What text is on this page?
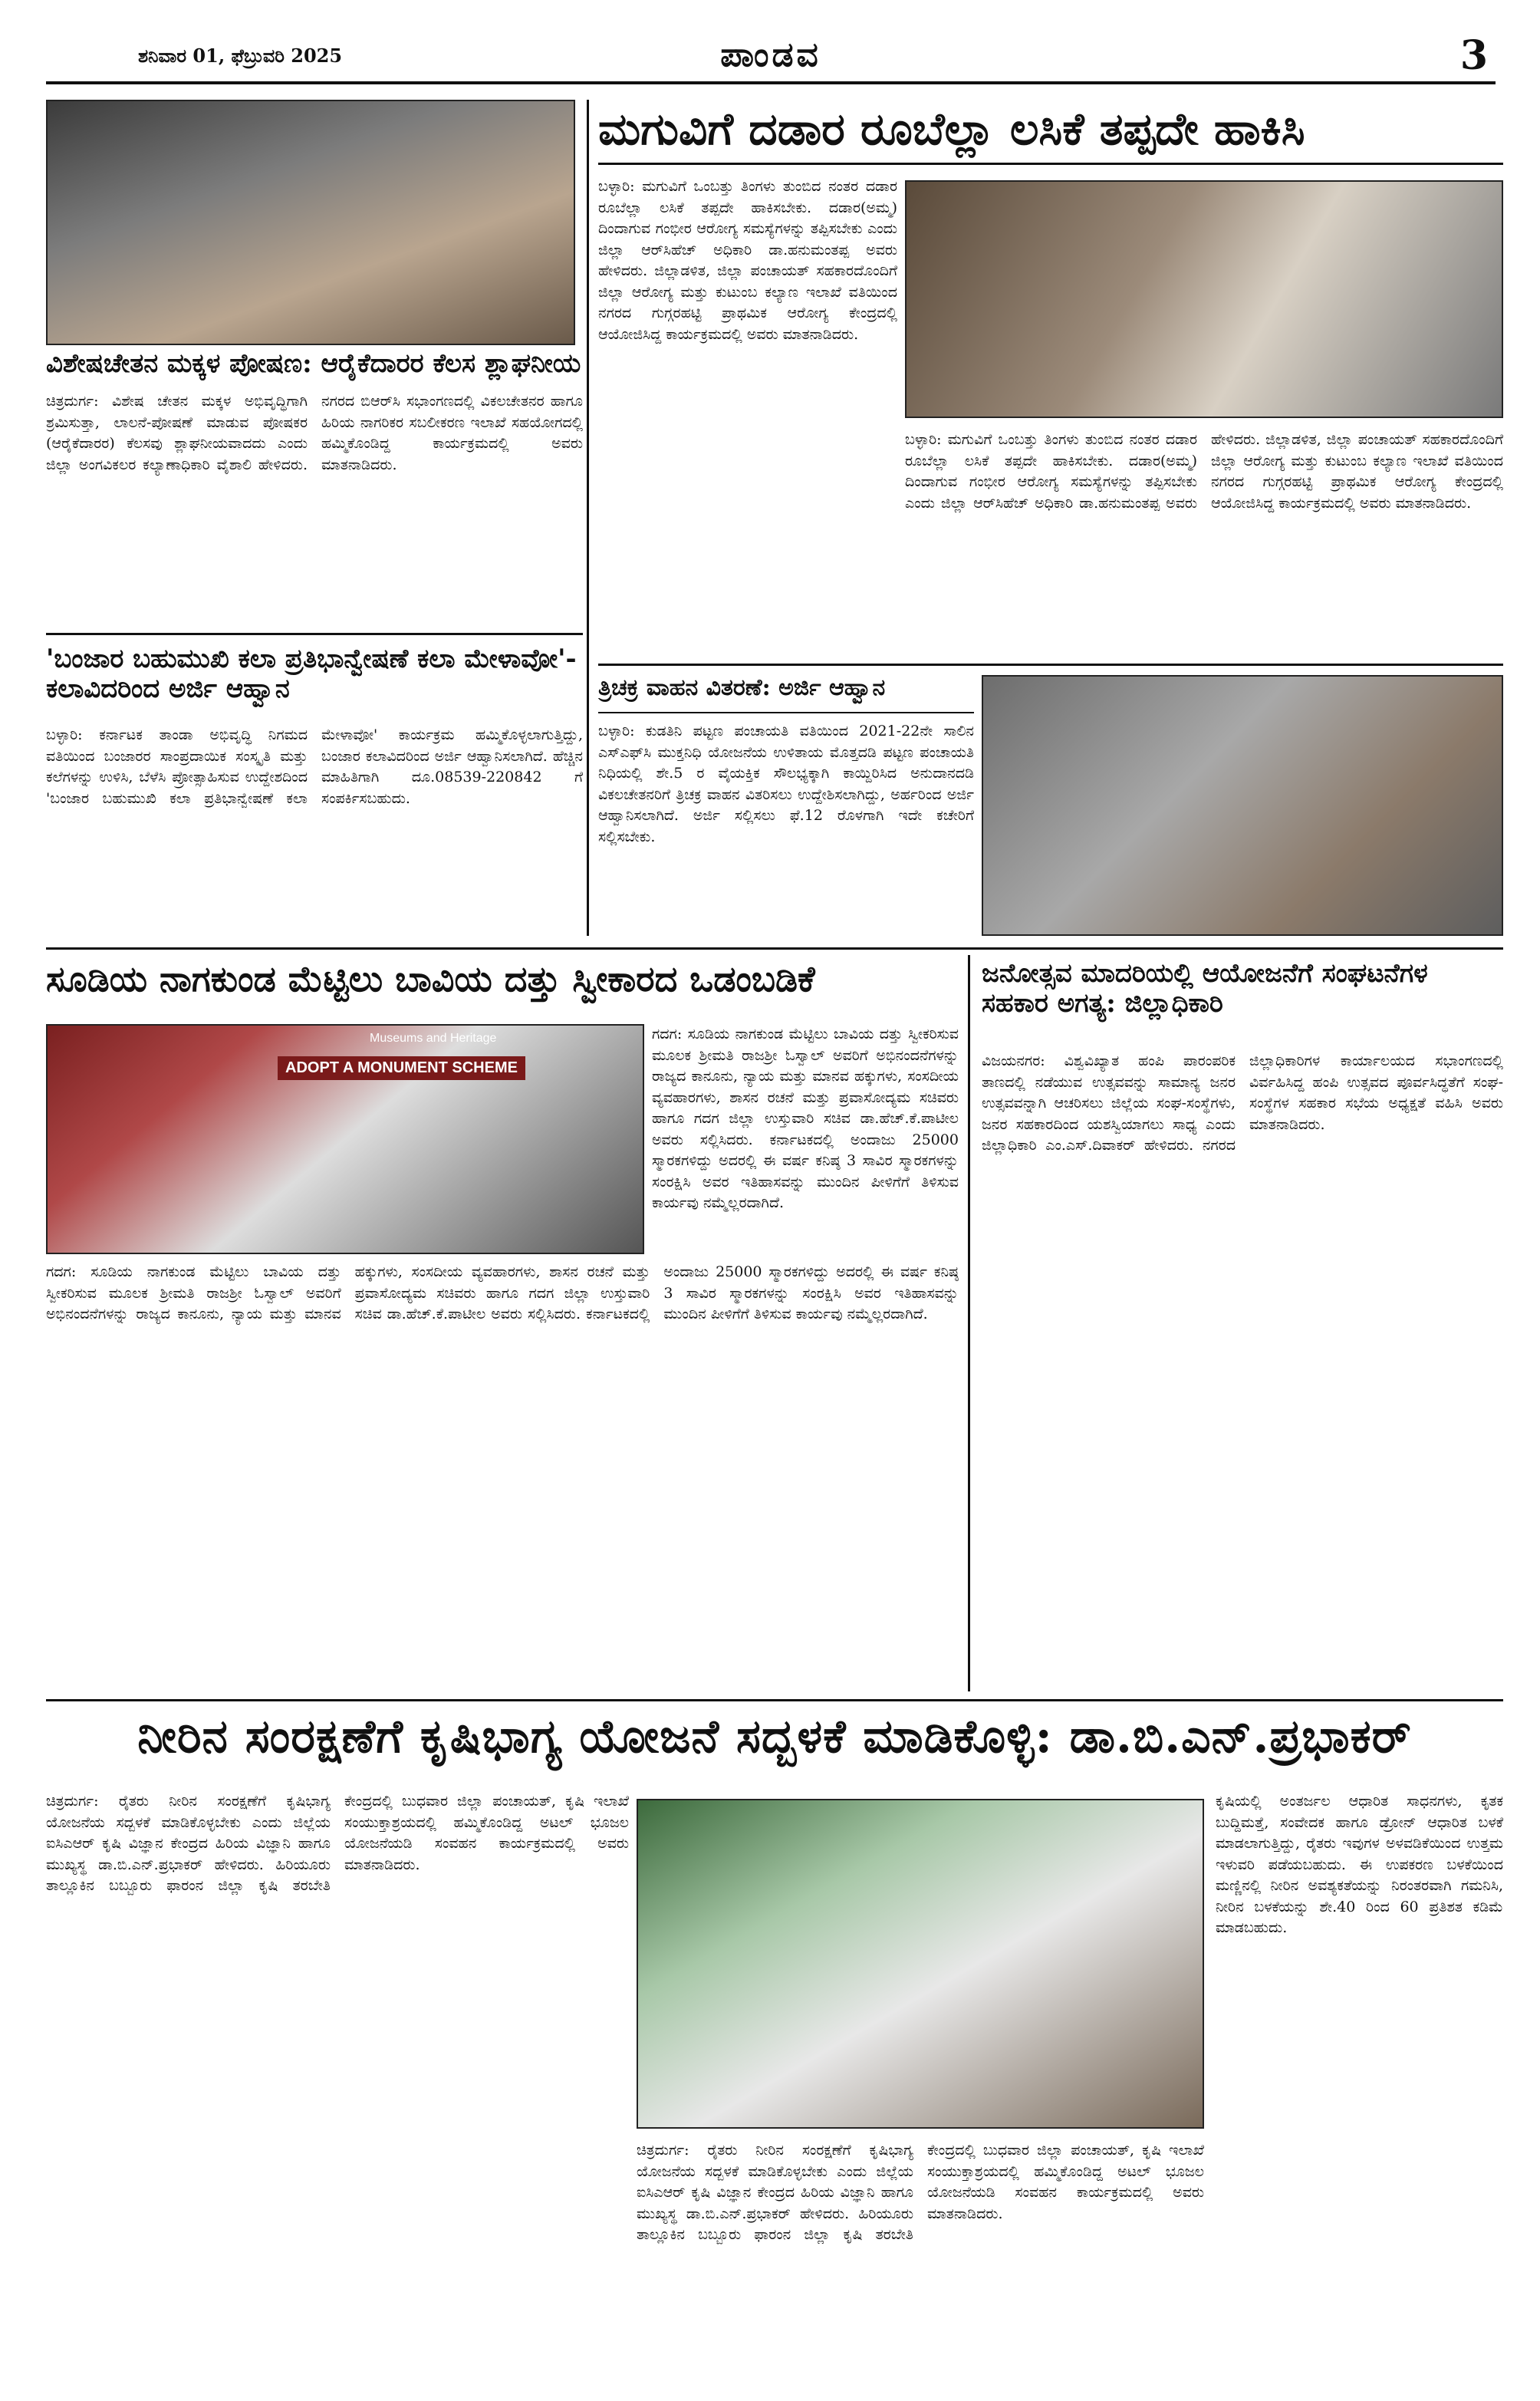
ಶನಿವಾರ 01, ಫೆಬ್ರುವರಿ 2025	ಪಾಂಡವ	3
ವಿಶೇಷಚೇತನ ಮಕ್ಕಳ ಪೋಷಣ: ಆರೈಕೆದಾರರ ಕೆಲಸ ಶ್ಲಾಘನೀಯ
ಚಿತ್ರದುರ್ಗ: ವಿಶೇಷ ಚೇತನ ಮಕ್ಕಳ ಅಭಿವೃದ್ಧಿಗಾಗಿ ಶ್ರಮಿಸುತ್ತಾ, ಲಾಲನೆ-ಪೋಷಣೆ ಮಾಡುವ ಪೋಷಕರ (ಆರೈಕೆದಾರರ) ಕೆಲಸವು ಶ್ಲಾಘನೀಯವಾದದು ಎಂದು ಜಿಲ್ಲಾ ಅಂಗವಿಕಲರ ಕಲ್ಯಾಣಾಧಿಕಾರಿ ವೈಶಾಲಿ ಹೇಳಿದರು. ನಗರದ ಬಿಆರ್‌ಸಿ ಸಭಾಂಗಣದಲ್ಲಿ ವಿಕಲಚೇತನರ ಹಾಗೂ ಹಿರಿಯ ನಾಗರಿಕರ ಸಬಲೀಕರಣ ಇಲಾಖೆ ಸಹಯೋಗದಲ್ಲಿ ಹಮ್ಮಿಕೊಂಡಿದ್ದ ಕಾರ್ಯಕ್ರಮದಲ್ಲಿ ಅವರು ಮಾತನಾಡಿದರು.
ಮಗುವಿಗೆ ದಡಾರ ರೂಬೆಲ್ಲಾ ಲಸಿಕೆ ತಪ್ಪದೇ ಹಾಕಿಸಿ
ಬಳ್ಳಾರಿ: ಮಗುವಿಗೆ ಒಂಬತ್ತು ತಿಂಗಳು ತುಂಬಿದ ನಂತರ ದಡಾರ ರೂಬೆಲ್ಲಾ ಲಸಿಕೆ ತಪ್ಪದೇ ಹಾಕಿಸಬೇಕು. ದಡಾರ(ಅಮ್ಮ) ದಿಂದಾಗುವ ಗಂಭೀರ ಆರೋಗ್ಯ ಸಮಸ್ಯೆಗಳನ್ನು ತಪ್ಪಿಸಬೇಕು ಎಂದು ಜಿಲ್ಲಾ ಆರ್‌ಸಿಹೆಚ್ ಅಧಿಕಾರಿ ಡಾ.ಹನುಮಂತಪ್ಪ ಅವರು ಹೇಳಿದರು. ಜಿಲ್ಲಾಡಳಿತ, ಜಿಲ್ಲಾ ಪಂಚಾಯತ್ ಸಹಕಾರದೊಂದಿಗೆ ಜಿಲ್ಲಾ ಆರೋಗ್ಯ ಮತ್ತು ಕುಟುಂಬ ಕಲ್ಯಾಣ ಇಲಾಖೆ ವತಿಯಿಂದ ನಗರದ ಗುಗ್ಗರಹಟ್ಟಿ ಪ್ರಾಥಮಿಕ ಆರೋಗ್ಯ ಕೇಂದ್ರದಲ್ಲಿ ಆಯೋಜಿಸಿದ್ದ ಕಾರ್ಯಕ್ರಮದಲ್ಲಿ ಅವರು ಮಾತನಾಡಿದರು.
ಬಳ್ಳಾರಿ: ಮಗುವಿಗೆ ಒಂಬತ್ತು ತಿಂಗಳು ತುಂಬಿದ ನಂತರ ದಡಾರ ರೂಬೆಲ್ಲಾ ಲಸಿಕೆ ತಪ್ಪದೇ ಹಾಕಿಸಬೇಕು. ದಡಾರ(ಅಮ್ಮ) ದಿಂದಾಗುವ ಗಂಭೀರ ಆರೋಗ್ಯ ಸಮಸ್ಯೆಗಳನ್ನು ತಪ್ಪಿಸಬೇಕು ಎಂದು ಜಿಲ್ಲಾ ಆರ್‌ಸಿಹೆಚ್ ಅಧಿಕಾರಿ ಡಾ.ಹನುಮಂತಪ್ಪ ಅವರು ಹೇಳಿದರು. ಜಿಲ್ಲಾಡಳಿತ, ಜಿಲ್ಲಾ ಪಂಚಾಯತ್ ಸಹಕಾರದೊಂದಿಗೆ ಜಿಲ್ಲಾ ಆರೋಗ್ಯ ಮತ್ತು ಕುಟುಂಬ ಕಲ್ಯಾಣ ಇಲಾಖೆ ವತಿಯಿಂದ ನಗರದ ಗುಗ್ಗರಹಟ್ಟಿ ಪ್ರಾಥಮಿಕ ಆರೋಗ್ಯ ಕೇಂದ್ರದಲ್ಲಿ ಆಯೋಜಿಸಿದ್ದ ಕಾರ್ಯಕ್ರಮದಲ್ಲಿ ಅವರು ಮಾತನಾಡಿದರು.
'ಬಂಜಾರ ಬಹುಮುಖಿ ಕಲಾ ಪ್ರತಿಭಾನ್ವೇಷಣೆ ಕಲಾ ಮೇಳಾವೋ'- ಕಲಾವಿದರಿಂದ ಅರ್ಜಿ ಆಹ್ವಾನ
ಬಳ್ಳಾರಿ: ಕರ್ನಾಟಕ ತಾಂಡಾ ಅಭಿವೃದ್ಧಿ ನಿಗಮದ ವತಿಯಿಂದ ಬಂಜಾರರ ಸಾಂಪ್ರದಾಯಿಕ ಸಂಸ್ಕೃತಿ ಮತ್ತು ಕಲೆಗಳನ್ನು ಉಳಿಸಿ, ಬೆಳೆಸಿ ಪ್ರೋತ್ಸಾಹಿಸುವ ಉದ್ದೇಶದಿಂದ 'ಬಂಜಾರ ಬಹುಮುಖಿ ಕಲಾ ಪ್ರತಿಭಾನ್ವೇಷಣೆ ಕಲಾ ಮೇಳಾವೋ' ಕಾರ್ಯಕ್ರಮ ಹಮ್ಮಿಕೊಳ್ಳಲಾಗುತ್ತಿದ್ದು, ಬಂಜಾರ ಕಲಾವಿದರಿಂದ ಅರ್ಜಿ ಆಹ್ವಾನಿಸಲಾಗಿದೆ. ಹೆಚ್ಚಿನ ಮಾಹಿತಿಗಾಗಿ ದೂ.08539-220842 ಗೆ ಸಂಪರ್ಕಿಸಬಹುದು.
ತ್ರಿಚಕ್ರ ವಾಹನ ವಿತರಣೆ: ಅರ್ಜಿ ಆಹ್ವಾನ
ಬಳ್ಳಾರಿ: ಕುಡತಿನಿ ಪಟ್ಟಣ ಪಂಚಾಯತಿ ವತಿಯಿಂದ 2021-22ನೇ ಸಾಲಿನ ಎಸ್‌ಎಫ್‌ಸಿ ಮುಕ್ತನಿಧಿ ಯೋಜನೆಯ ಉಳಿತಾಯ ಮೊತ್ತದಡಿ ಪಟ್ಟಣ ಪಂಚಾಯತಿ ನಿಧಿಯಲ್ಲಿ ಶೇ.5 ರ ವೈಯಕ್ತಿಕ ಸೌಲಭ್ಯಕ್ಕಾಗಿ ಕಾಯ್ದಿರಿಸಿದ ಅನುದಾನದಡಿ ವಿಕಲಚೇತನರಿಗೆ ತ್ರಿಚಕ್ರ ವಾಹನ ವಿತರಿಸಲು ಉದ್ದೇಶಿಸಲಾಗಿದ್ದು, ಅರ್ಹರಿಂದ ಅರ್ಜಿ ಆಹ್ವಾನಿಸಲಾಗಿದೆ. ಅರ್ಜಿ ಸಲ್ಲಿಸಲು ಫೆ.12 ರೊಳಗಾಗಿ ಇದೇ ಕಚೇರಿಗೆ ಸಲ್ಲಿಸಬೇಕು.
ಸೂಡಿಯ ನಾಗಕುಂಡ ಮೆಟ್ಟಿಲು ಬಾವಿಯ ದತ್ತು ಸ್ವೀಕಾರದ ಒಡಂಬಡಿಕೆ
ADOPT A MONUMENT SCHEME
Museums and Heritage	ಗದಗ: ಸೂಡಿಯ ನಾಗಕುಂಡ ಮೆಟ್ಟಿಲು ಬಾವಿಯ ದತ್ತು ಸ್ವೀಕರಿಸುವ ಮೂಲಕ ಶ್ರೀಮತಿ ರಾಜಶ್ರೀ ಓಸ್ವಾಲ್ ಅವರಿಗೆ ಅಭಿನಂದನೆಗಳನ್ನು ರಾಜ್ಯದ ಕಾನೂನು, ನ್ಯಾಯ ಮತ್ತು ಮಾನವ ಹಕ್ಕುಗಳು, ಸಂಸದೀಯ ವ್ಯವಹಾರಗಳು, ಶಾಸನ ರಚನೆ ಮತ್ತು ಪ್ರವಾಸೋದ್ಯಮ ಸಚಿವರು ಹಾಗೂ ಗದಗ ಜಿಲ್ಲಾ ಉಸ್ತುವಾರಿ ಸಚಿವ ಡಾ.ಹೆಚ್.ಕೆ.ಪಾಟೀಲ ಅವರು ಸಲ್ಲಿಸಿದರು. ಕರ್ನಾಟಕದಲ್ಲಿ ಅಂದಾಜು 25000 ಸ್ಮಾರಕಗಳಿದ್ದು ಅದರಲ್ಲಿ ಈ ವರ್ಷ ಕನಿಷ್ಠ 3 ಸಾವಿರ ಸ್ಮಾರಕಗಳನ್ನು ಸಂರಕ್ಷಿಸಿ ಅವರ ಇತಿಹಾಸವನ್ನು ಮುಂದಿನ ಪೀಳಿಗೆಗೆ ತಿಳಿಸುವ ಕಾರ್ಯವು ನಮ್ಮೆಲ್ಲರದಾಗಿದೆ.
ಗದಗ: ಸೂಡಿಯ ನಾಗಕುಂಡ ಮೆಟ್ಟಿಲು ಬಾವಿಯ ದತ್ತು ಸ್ವೀಕರಿಸುವ ಮೂಲಕ ಶ್ರೀಮತಿ ರಾಜಶ್ರೀ ಓಸ್ವಾಲ್ ಅವರಿಗೆ ಅಭಿನಂದನೆಗಳನ್ನು ರಾಜ್ಯದ ಕಾನೂನು, ನ್ಯಾಯ ಮತ್ತು ಮಾನವ ಹಕ್ಕುಗಳು, ಸಂಸದೀಯ ವ್ಯವಹಾರಗಳು, ಶಾಸನ ರಚನೆ ಮತ್ತು ಪ್ರವಾಸೋದ್ಯಮ ಸಚಿವರು ಹಾಗೂ ಗದಗ ಜಿಲ್ಲಾ ಉಸ್ತುವಾರಿ ಸಚಿವ ಡಾ.ಹೆಚ್.ಕೆ.ಪಾಟೀಲ ಅವರು ಸಲ್ಲಿಸಿದರು. ಕರ್ನಾಟಕದಲ್ಲಿ ಅಂದಾಜು 25000 ಸ್ಮಾರಕಗಳಿದ್ದು ಅದರಲ್ಲಿ ಈ ವರ್ಷ ಕನಿಷ್ಠ 3 ಸಾವಿರ ಸ್ಮಾರಕಗಳನ್ನು ಸಂರಕ್ಷಿಸಿ ಅವರ ಇತಿಹಾಸವನ್ನು ಮುಂದಿನ ಪೀಳಿಗೆಗೆ ತಿಳಿಸುವ ಕಾರ್ಯವು ನಮ್ಮೆಲ್ಲರದಾಗಿದೆ.
ಜನೋತ್ಸವ ಮಾದರಿಯಲ್ಲಿ ಆಯೋಜನೆಗೆ ಸಂಘಟನೆಗಳ ಸಹಕಾರ ಅಗತ್ಯ: ಜಿಲ್ಲಾಧಿಕಾರಿ
ವಿಜಯನಗರ: ವಿಶ್ವವಿಖ್ಯಾತ ಹಂಪಿ ಪಾರಂಪರಿಕ ತಾಣದಲ್ಲಿ ನಡೆಯುವ ಉತ್ಸವವನ್ನು ಸಾಮಾನ್ಯ ಜನರ ಉತ್ಸವವನ್ನಾಗಿ ಆಚರಿಸಲು ಜಿಲ್ಲೆಯ ಸಂಘ-ಸಂಸ್ಥೆಗಳು, ಜನರ ಸಹಕಾರದಿಂದ ಯಶಸ್ವಿಯಾಗಲು ಸಾಧ್ಯ ಎಂದು ಜಿಲ್ಲಾಧಿಕಾರಿ ಎಂ.ಎಸ್.ದಿವಾಕರ್ ಹೇಳಿದರು. ನಗರದ ಜಿಲ್ಲಾಧಿಕಾರಿಗಳ ಕಾರ್ಯಾಲಯದ ಸಭಾಂಗಣದಲ್ಲಿ ವಿರ್ವಹಿಸಿದ್ದ ಹಂಪಿ ಉತ್ಸವದ ಪೂರ್ವಸಿದ್ಧತೆಗೆ ಸಂಘ-ಸಂಸ್ಥೆಗಳ ಸಹಕಾರ ಸಭೆಯ ಅಧ್ಯಕ್ಷತೆ ವಹಿಸಿ ಅವರು ಮಾತನಾಡಿದರು.
ನೀರಿನ ಸಂರಕ್ಷಣೆಗೆ ಕೃಷಿಭಾಗ್ಯ ಯೋಜನೆ ಸದ್ಬಳಕೆ ಮಾಡಿಕೊಳ್ಳಿ: ಡಾ.ಬಿ.ಎನ್.ಪ್ರಭಾಕರ್
ಚಿತ್ರದುರ್ಗ: ರೈತರು ನೀರಿನ ಸಂರಕ್ಷಣೆಗೆ ಕೃಷಿಭಾಗ್ಯ ಯೋಜನೆಯ ಸದ್ಬಳಕೆ ಮಾಡಿಕೊಳ್ಳಬೇಕು ಎಂದು ಜಿಲ್ಲೆಯ ಐಸಿಎಆರ್ ಕೃಷಿ ವಿಜ್ಞಾನ ಕೇಂದ್ರದ ಹಿರಿಯ ವಿಜ್ಞಾನಿ ಹಾಗೂ ಮುಖ್ಯಸ್ಥ ಡಾ.ಬಿ.ಎನ್.ಪ್ರಭಾಕರ್ ಹೇಳಿದರು. ಹಿರಿಯೂರು ತಾಲ್ಲೂಕಿನ ಬಬ್ಬೂರು ಫಾರಂನ ಜಿಲ್ಲಾ ಕೃಷಿ ತರಬೇತಿ ಕೇಂದ್ರದಲ್ಲಿ ಬುಧವಾರ ಜಿಲ್ಲಾ ಪಂಚಾಯತ್, ಕೃಷಿ ಇಲಾಖೆ ಸಂಯುಕ್ತಾಶ್ರಯದಲ್ಲಿ ಹಮ್ಮಿಕೊಂಡಿದ್ದ ಅಟಲ್ ಭೂಜಲ ಯೋಜನೆಯಡಿ ಸಂವಹನ ಕಾರ್ಯಕ್ರಮದಲ್ಲಿ ಅವರು ಮಾತನಾಡಿದರು.
ಚಿತ್ರದುರ್ಗ: ರೈತರು ನೀರಿನ ಸಂರಕ್ಷಣೆಗೆ ಕೃಷಿಭಾಗ್ಯ ಯೋಜನೆಯ ಸದ್ಬಳಕೆ ಮಾಡಿಕೊಳ್ಳಬೇಕು ಎಂದು ಜಿಲ್ಲೆಯ ಐಸಿಎಆರ್ ಕೃಷಿ ವಿಜ್ಞಾನ ಕೇಂದ್ರದ ಹಿರಿಯ ವಿಜ್ಞಾನಿ ಹಾಗೂ ಮುಖ್ಯಸ್ಥ ಡಾ.ಬಿ.ಎನ್.ಪ್ರಭಾಕರ್ ಹೇಳಿದರು. ಹಿರಿಯೂರು ತಾಲ್ಲೂಕಿನ ಬಬ್ಬೂರು ಫಾರಂನ ಜಿಲ್ಲಾ ಕೃಷಿ ತರಬೇತಿ ಕೇಂದ್ರದಲ್ಲಿ ಬುಧವಾರ ಜಿಲ್ಲಾ ಪಂಚಾಯತ್, ಕೃಷಿ ಇಲಾಖೆ ಸಂಯುಕ್ತಾಶ್ರಯದಲ್ಲಿ ಹಮ್ಮಿಕೊಂಡಿದ್ದ ಅಟಲ್ ಭೂಜಲ ಯೋಜನೆಯಡಿ ಸಂವಹನ ಕಾರ್ಯಕ್ರಮದಲ್ಲಿ ಅವರು ಮಾತನಾಡಿದರು.
ಕೃಷಿಯಲ್ಲಿ ಅಂತರ್ಜಲ ಆಧಾರಿತ ಸಾಧನಗಳು, ಕೃತಕ ಬುದ್ದಿಮತ್ತೆ, ಸಂವೇದಕ ಹಾಗೂ ಡ್ರೋನ್ ಆಧಾರಿತ ಬಳಕೆ ಮಾಡಲಾಗುತ್ತಿದ್ದು, ರೈತರು ಇವುಗಳ ಅಳವಡಿಕೆಯಿಂದ ಉತ್ತಮ ಇಳುವರಿ ಪಡೆಯಬಹುದು. ಈ ಉಪಕರಣ ಬಳಕೆಯಿಂದ ಮಣ್ಣಿನಲ್ಲಿ ನೀರಿನ ಅವಶ್ಯಕತೆಯನ್ನು ನಿರಂತರವಾಗಿ ಗಮನಿಸಿ, ನೀರಿನ ಬಳಕೆಯನ್ನು ಶೇ.40 ರಿಂದ 60 ಪ್ರತಿಶತ ಕಡಿಮೆ ಮಾಡಬಹುದು.
